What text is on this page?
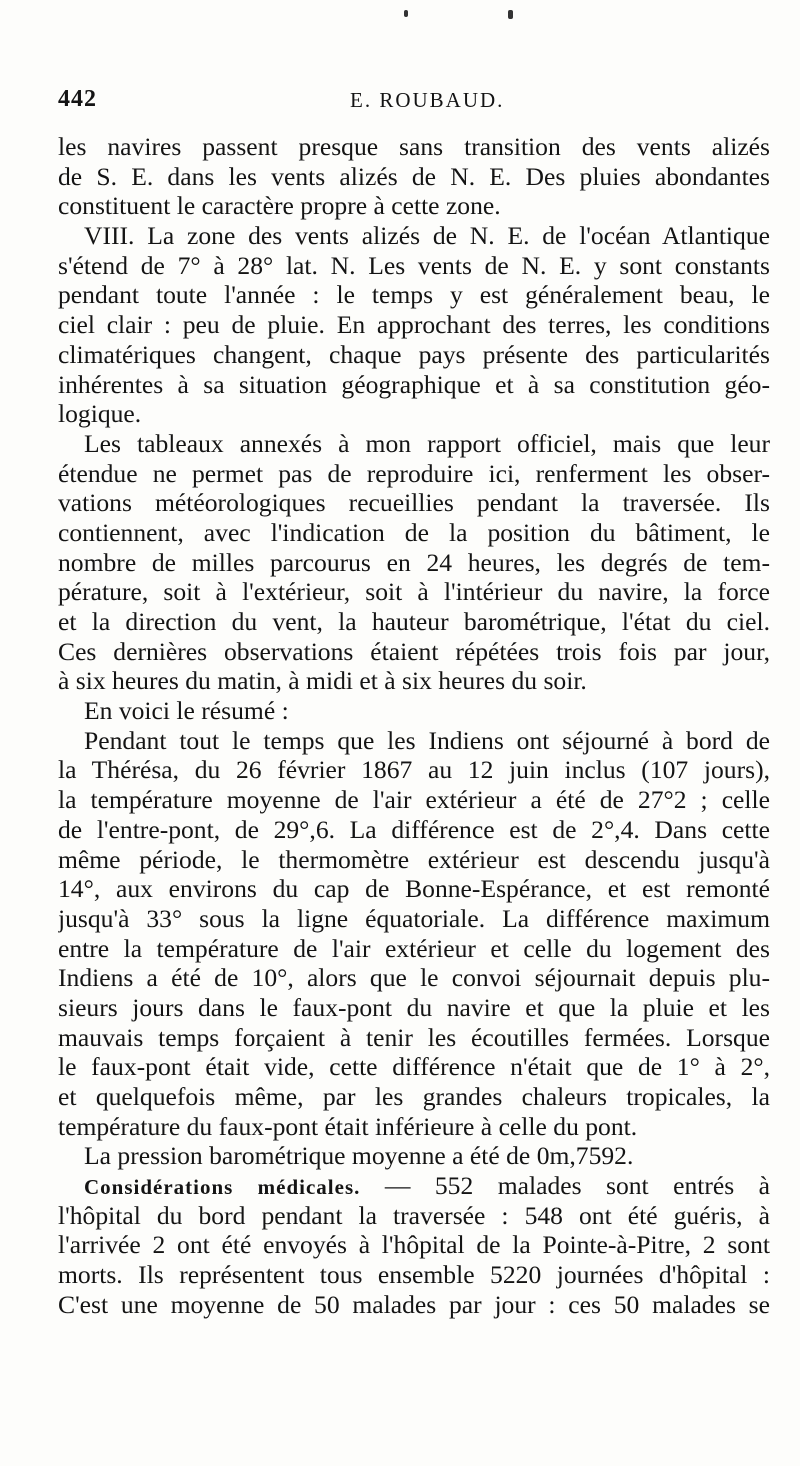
442	E. ROUBAUD.
les navires passent presque sans transition des vents alizés
de S. E. dans les vents alizés de N. E. Des pluies abondantes
constituent le caractère propre à cette zone.
VIII. La zone des vents alizés de N. E. de l'océan Atlantique
s'étend de 7° à 28° lat. N. Les vents de N. E. y sont constants
pendant toute l'année : le temps y est généralement beau, le
ciel clair : peu de pluie. En approchant des terres, les conditions
climatériques changent, chaque pays présente des particularités
inhérentes à sa situation géographique et à sa constitution géo-
logique.
Les tableaux annexés à mon rapport officiel, mais que leur
étendue ne permet pas de reproduire ici, renferment les obser-
vations météorologiques recueillies pendant la traversée. Ils
contiennent, avec l'indication de la position du bâtiment, le
nombre de milles parcourus en 24 heures, les degrés de tem-
pérature, soit à l'extérieur, soit à l'intérieur du navire, la force
et la direction du vent, la hauteur barométrique, l'état du ciel.
Ces dernières observations étaient répétées trois fois par jour,
à six heures du matin, à midi et à six heures du soir.
En voici le résumé :
Pendant tout le temps que les Indiens ont séjourné à bord de
la Thérésa, du 26 février 1867 au 12 juin inclus (107 jours),
la température moyenne de l'air extérieur a été de 27°2 ; celle
de l'entre-pont, de 29°,6. La différence est de 2°,4. Dans cette
même période, le thermomètre extérieur est descendu jusqu'à
14°, aux environs du cap de Bonne-Espérance, et est remonté
jusqu'à 33° sous la ligne équatoriale. La différence maximum
entre la température de l'air extérieur et celle du logement des
Indiens a été de 10°, alors que le convoi séjournait depuis plu-
sieurs jours dans le faux-pont du navire et que la pluie et les
mauvais temps forçaient à tenir les écoutilles fermées. Lorsque
le faux-pont était vide, cette différence n'était que de 1° à 2°,
et quelquefois même, par les grandes chaleurs tropicales, la
température du faux-pont était inférieure à celle du pont.
La pression barométrique moyenne a été de 0m,7592.
Considérations médicales. — 552 malades sont entrés à
l'hôpital du bord pendant la traversée : 548 ont été guéris, à
l'arrivée 2 ont été envoyés à l'hôpital de la Pointe-à-Pitre, 2 sont
morts. Ils représentent tous ensemble 5220 journées d'hôpital :
C'est une moyenne de 50 malades par jour : ces 50 malades se
